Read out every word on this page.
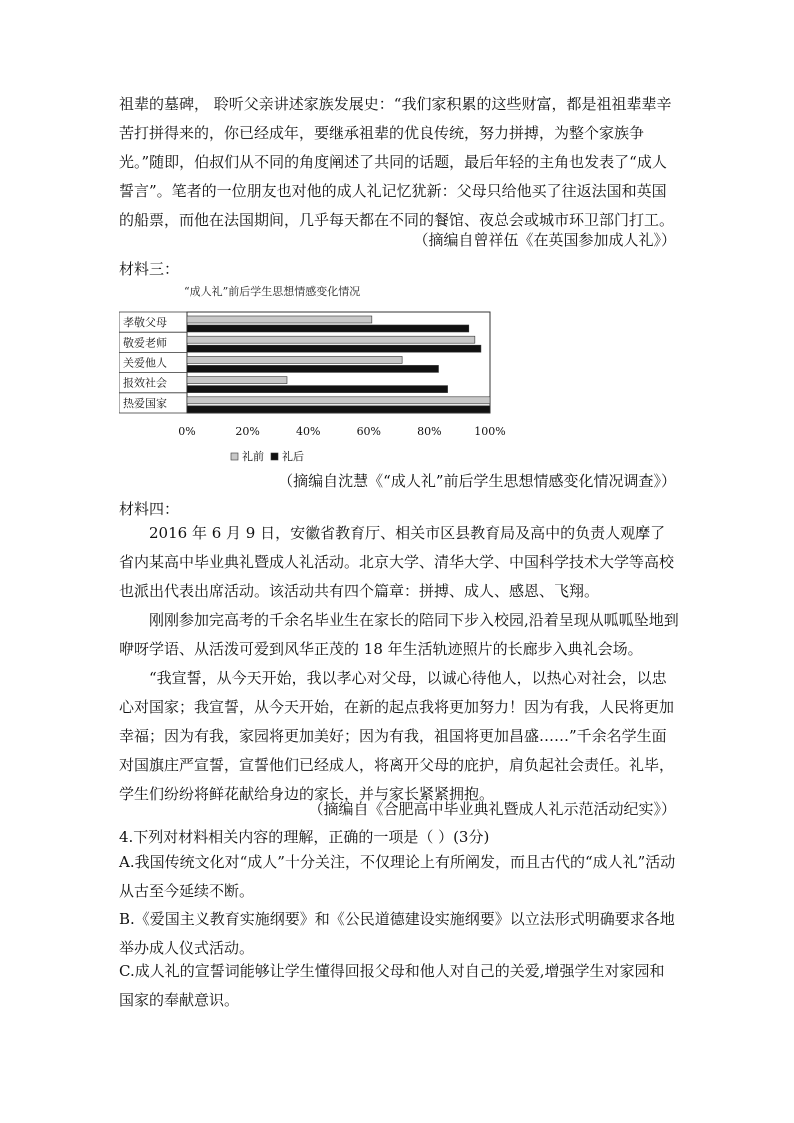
祖辈的墓碑， 聆听父亲讲述家族发展史：“我们家积累的这些财富，都是祖祖辈辈辛苦打拼得来的，你已经成年，要继承祖辈的优良传统，努力拼搏，为整个家族争光。”随即，伯叔们从不同的角度阐述了共同的话题，最后年轻的主角也发表了“成人誓言”。笔者的一位朋友也对他的成人礼记忆犹新：父母只给他买了往返法国和英国的船票，而他在法国期间，几乎每天都在不同的餐馆、夜总会或城市环卫部门打工。

（摘编自曾祥伍《在英国参加成人礼》）
材料三：
“成人礼”前后学生思想情感变化情况
孝敬父母
敬爱老师
关爱他人
报效社会
热爱国家
0%	20%	40%	60%	80%	100%
礼前 礼后
（摘编自沈慧《“成人礼”前后学生思想情感变化情况调查》）
材料四：

2016 年 6 月 9 日，安徽省教育厅、相关市区县教育局及高中的负责人观摩了省内某高中毕业典礼暨成人礼活动。北京大学、清华大学、中国科学技术大学等高校也派出代表出席活动。该活动共有四个篇章：拼搏、成人、感恩、飞翔。

刚刚参加完高考的千余名毕业生在家长的陪同下步入校园,沿着呈现从呱呱坠地到咿呀学语、从活泼可爱到风华正茂的 18 年生活轨迹照片的长廊步入典礼会场。

“我宣誓，从今天开始，我以孝心对父母，以诚心待他人，以热心对社会，以忠心对国家；我宣誓，从今天开始，在新的起点我将更加努力！因为有我，人民将更加幸福；因为有我，家园将更加美好；因为有我，祖国将更加昌盛……”千余名学生面对国旗庄严宣誓，宣誓他们已经成人，将离开父母的庇护，肩负起社会责任。礼毕，学生们纷纷将鲜花献给身边的家长，并与家长紧紧拥抱。

（摘编自《合肥高中毕业典礼暨成人礼示范活动纪实》）

4.下列对材料相关内容的理解，正确的一项是（ ）(3分)

A.我国传统文化对“成人”十分关注，不仅理论上有所阐发，而且古代的“成人礼”活动从古至今延续不断。

B.《爱国主义教育实施纲要》和《公民道德建设实施纲要》以立法形式明确要求各地举办成人仪式活动。

C.成人礼的宣誓词能够让学生懂得回报父母和他人对自己的关爱,增强学生对家园和国家的奉献意识。
